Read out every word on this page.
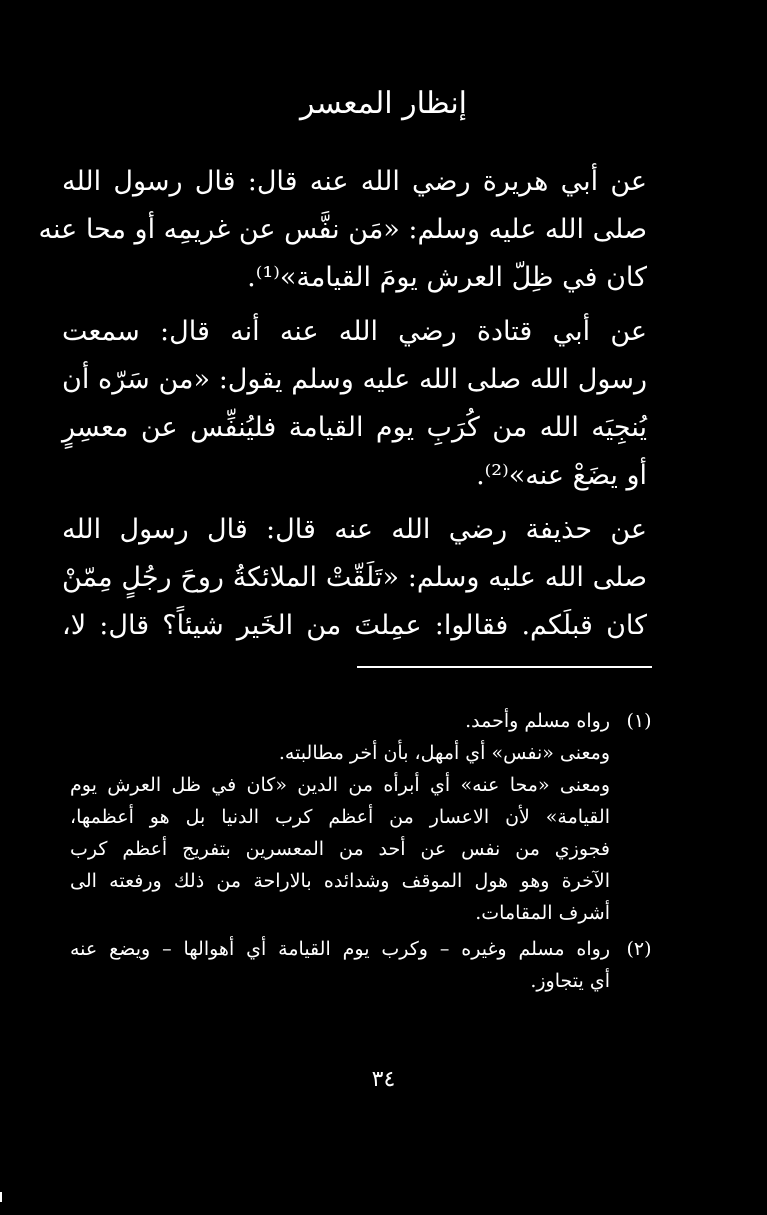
إنظار المعسر
عن أبي هريرة رضي الله عنه قال: قال رسول الله
صلى الله عليه وسلم: «مَن نفَّس عن غريمِه أو محا عنه
كان في ظِلّ العرش يومَ القيامة»⁽¹⁾.
عن أبي قتادة رضي الله عنه أنه قال: سمعت
رسول الله صلى الله عليه وسلم يقول: «من سَرّه أن
يُنجِيَه الله من كُرَبِ يوم القيامة فليُنفِّس عن معسِرٍ
أو يضَعْ عنه»⁽²⁾.
عن حذيفة رضي الله عنه قال: قال رسول الله
صلى الله عليه وسلم: «تَلَقّتْ الملائكةُ روحَ رجُلٍ مِمّنْ
كان قبلَكم. فقالوا: عمِلتَ من الخَير شيئاً؟ قال: لا،
(١)
رواه مسلم وأحمد.
ومعنى «نفس» أي أمهل، بأن أخر مطالبته.
ومعنى «محا عنه» أي أبرأه من الدين «كان في ظل العرش يوم
القيامة» لأن الاعسار من أعظم كرب الدنيا بل هو أعظمها،
فجوزي من نفس عن أحد من المعسرين بتفريج أعظم كرب
الآخرة وهو هول الموقف وشدائده بالاراحة من ذلك ورفعته الى
أشرف المقامات.
(٢)
رواه مسلم وغيره – وكرب يوم القيامة أي أهوالها – ويضع عنه
أي يتجاوز.
٣٤
